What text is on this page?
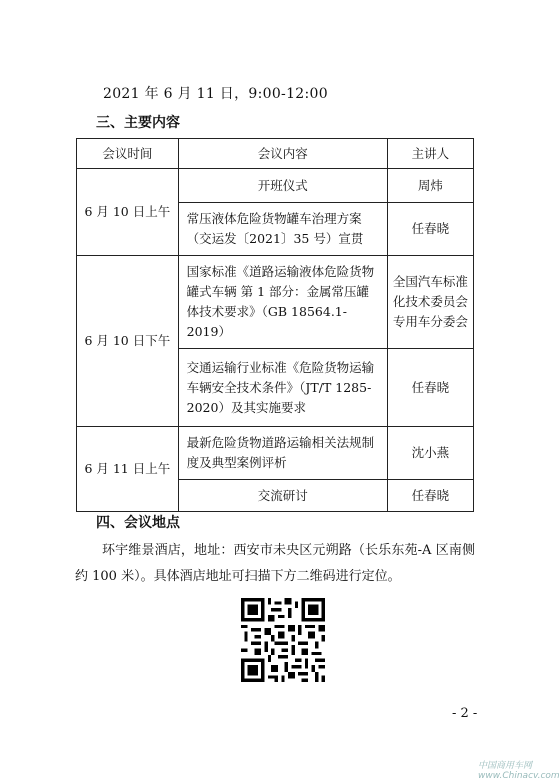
2021 年 6 月 11 日，9:00-12:00
三、主要内容
会议时间	会议内容	主讲人
6 月 10 日上午	开班仪式	周炜
	常压液体危险货物罐车治理方案（交运发〔2021〕35 号）宣贯	任春晓
6 月 10 日下午	国家标准《道路运输液体危险货物罐式车辆 第 1 部分：金属常压罐体技术要求》（GB 18564.1-2019）	全国汽车标准化技术委员会专用车分委会
	交通运输行业标准《危险货物运输车辆安全技术条件》（JT/T 1285-2020）及其实施要求	任春晓
6 月 11 日上午	最新危险货物道路运输相关法规制度及典型案例评析	沈小燕
	交流研讨	任春晓
四、会议地点
环宇维景酒店，地址：西安市未央区元朔路（长乐东苑-A 区南侧约 100 米）。具体酒店地址可扫描下方二维码进行定位。
- 2 -
中国商用车网 www.Chinacv.com
